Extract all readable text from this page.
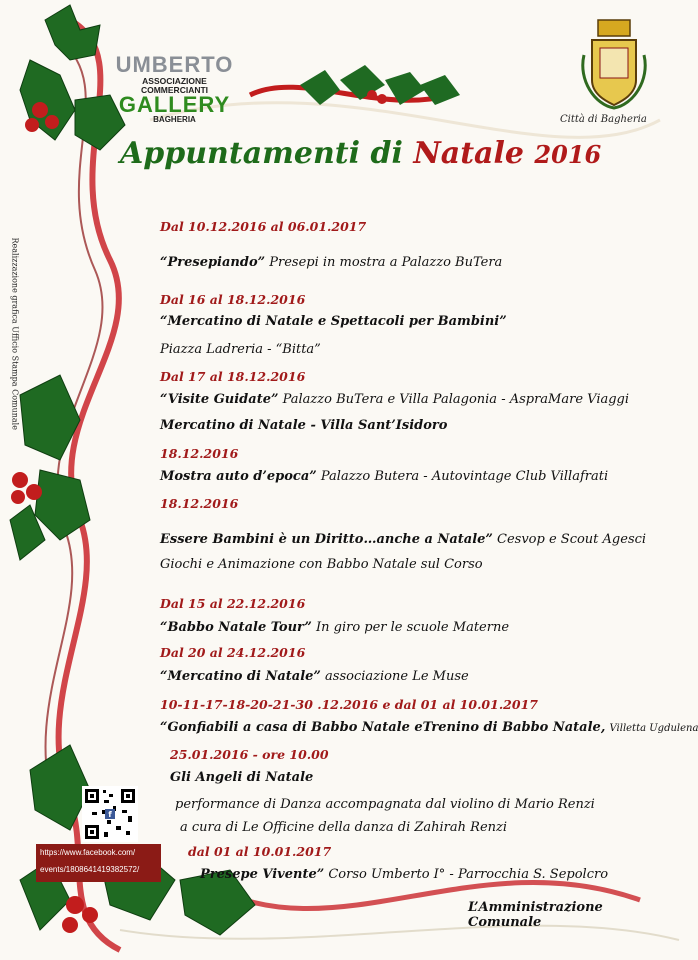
UMBERTO
ASSOCIAZIONE COMMERCIANTI
GALLERY
BAGHERIA	Città di Bagheria
Appuntamenti di Natale 2016
Realizzazione grafica Ufficio Stampa Comunale
Dal 10.12.2016 al 06.01.2017
“Presepiando” Presepi in mostra a Palazzo BuTera
Dal 16 al 18.12.2016
“Mercatino di Natale e Spettacoli per Bambini”
Piazza Ladreria - “Bitta”
Dal 17 al 18.12.2016
“Visite Guidate” Palazzo BuTera e Villa Palagonia - AspraMare Viaggi
Mercatino di Natale - Villa Sant’Isidoro
18.12.2016
Mostra auto d’epoca” Palazzo Butera - Autovintage Club Villafrati
18.12.2016
Essere Bambini è un Diritto…anche a Natale” Cesvop e Scout Agesci
Giochi e Animazione con Babbo Natale sul Corso
Dal 15 al 22.12.2016
“Babbo Natale Tour” In giro per le scuole Materne
Dal 20 al 24.12.2016
“Mercatino di Natale” associazione Le Muse
10-11-17-18-20-21-30 .12.2016 e dal 01 al 10.01.2017
“Gonfiabili a casa di Babbo Natale eTrenino di Babbo Natale, Villetta Ugdulena
25.01.2016 - ore 10.00
Gli Angeli di Natale
performance di Danza accompagnata dal violino di Mario Renzi
a cura di Le Officine della danza di Zahirah Renzi
dal 01 al 10.01.2017
Presepe Vivente” Corso Umberto I° - Parrocchia S. Sepolcro
f
https://www.facebook.com/
events/1808641419382572/
L’Amministrazione Comunale
